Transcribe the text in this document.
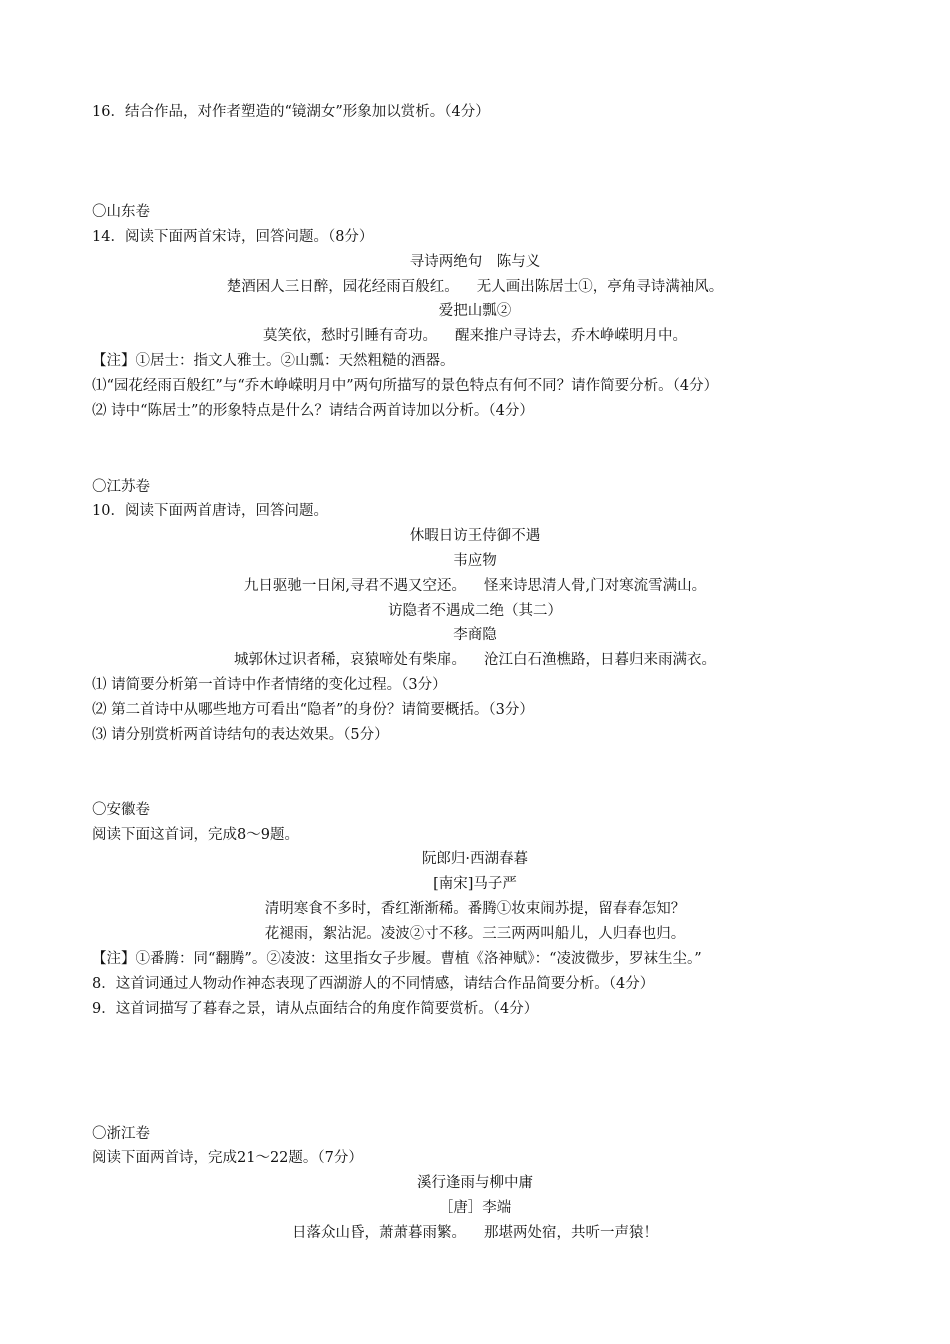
16．结合作品，对作者塑造的“镜湖女”形象加以赏析。（4分）
〇山东卷
14．阅读下面两首宋诗，回答问题。（8分）
寻诗两绝句　陈与义
楚酒困人三日醉，园花经雨百般红。 无人画出陈居士①，亭角寻诗满袖风。
爱把山瓢②
莫笑依，愁时引睡有奇功。 醒来推户寻诗去，乔木峥嵘明月中。
【注】①居士：指文人雅士。②山瓢：天然粗糙的酒器。
⑴“园花经雨百般红”与“乔木峥嵘明月中”两句所描写的景色特点有何不同？请作简要分析。（4分）
⑵ 诗中“陈居士”的形象特点是什么？请结合两首诗加以分析。（4分）
〇江苏卷
10．阅读下面两首唐诗，回答问题。
休暇日访王侍御不遇
韦应物
九日驱驰一日闲,寻君不遇又空还。 怪来诗思清人骨,门对寒流雪满山。
访隐者不遇成二绝（其二）
李商隐
城郭休过识者稀，哀猿啼处有柴扉。 沧江白石渔樵路，日暮归来雨满衣。
⑴ 请简要分析第一首诗中作者情绪的变化过程。（3分）
⑵ 第二首诗中从哪些地方可看出“隐者”的身份？请简要概括。（3分）
⑶ 请分别赏析两首诗结句的表达效果。（5分）
〇安徽卷
阅读下面这首词，完成8～9题。
阮郎归·西湖春暮
[南宋]马子严
清明寒食不多时，香红渐渐稀。番腾①妆束闹苏提，留春春怎知？
花褪雨，絮沾泥。凌波②寸不移。三三两两叫船儿，人归春也归。
【注】①番腾：同“翻腾”。②凌波：这里指女子步履。曹植《洛神赋》：“凌波微步，罗袜生尘。”
8．这首词通过人物动作神态表现了西湖游人的不同情感，请结合作品简要分析。（4分）
9．这首词描写了暮春之景，请从点面结合的角度作简要赏析。（4分）
〇浙江卷
阅读下面两首诗，完成21～22题。（7分）
溪行逢雨与柳中庸
［唐］李端
日落众山昏，萧萧暮雨繁。 那堪两处宿，共听一声猿！
